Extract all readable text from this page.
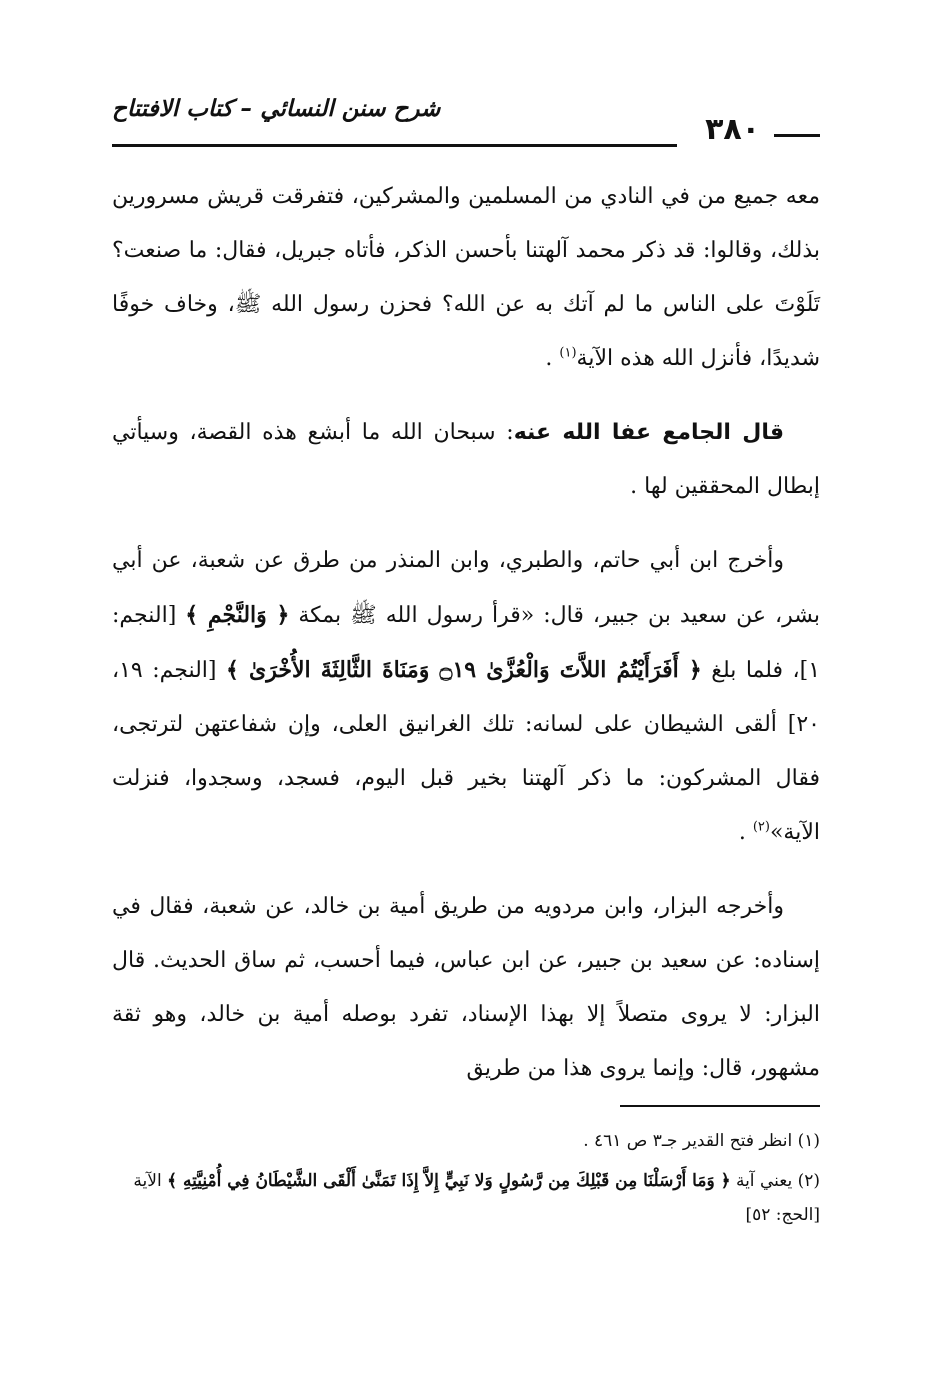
٣٨٠
شرح سنن النسائي – كتاب الافتتاح

معه جميع من في النادي من المسلمين والمشركين، فتفرقت قريش مسرورين بذلك، وقالوا: قد ذكر محمد آلهتنا بأحسن الذكر، فأتاه جبريل، فقال: ما صنعت؟ تَلَوْتَ على الناس ما لم آتك به عن الله؟ فحزن رسول الله ﷺ، وخاف خوفًا شديدًا، فأنزل الله هذه الآية$^{(١)}$ .

قال الجامع عفا الله عنه: سبحان الله ما أبشع هذه القصة، وسيأتي إبطال المحققين لها .

وأخرج ابن أبي حاتم، والطبري، وابن المنذر من طرق عن شعبة، عن أبي بشر، عن سعيد بن جبير، قال: «قرأ رسول الله ﷺ بمكة ﴿ وَالنَّجْمِ ﴾ [النجم: ١]، فلما بلغ ﴿ أَفَرَأَيْتُمُ اللاَّتَ وَالْعُزَّىٰ ۝١٩ وَمَنَاةَ الثَّالِثَةَ الأُخْرَىٰ ﴾ [النجم: ١٩، ٢٠] ألقى الشيطان على لسانه: تلك الغرانيق العلى، وإن شفاعتهن لترتجى، فقال المشركون: ما ذكر آلهتنا بخير قبل اليوم، فسجد، وسجدوا، فنزلت الآية»$^{(٢)}$ .

وأخرجه البزار، وابن مردويه من طريق أمية بن خالد، عن شعبة، فقال في إسناده: عن سعيد بن جبير، عن ابن عباس، فيما أحسب، ثم ساق الحديث. قال البزار: لا يروى متصلاً إلا بهذا الإسناد، تفرد بوصله أمية بن خالد، وهو ثقة مشهور، قال: وإنما يروى هذا من طريق

(١) انظر فتح القدير جـ٣ ص ٤٦١ .
(٢) يعني آية ﴿ وَمَا أَرْسَلْنَا مِن قَبْلِكَ مِن رَّسُولٍ وَلا نَبِيٍّ إِلاَّ إِذَا تَمَنَّىٰ أَلْقَى الشَّيْطَانُ فِي أُمْنِيَّتِهِ ﴾ الآية [الحج: ٥٢]
